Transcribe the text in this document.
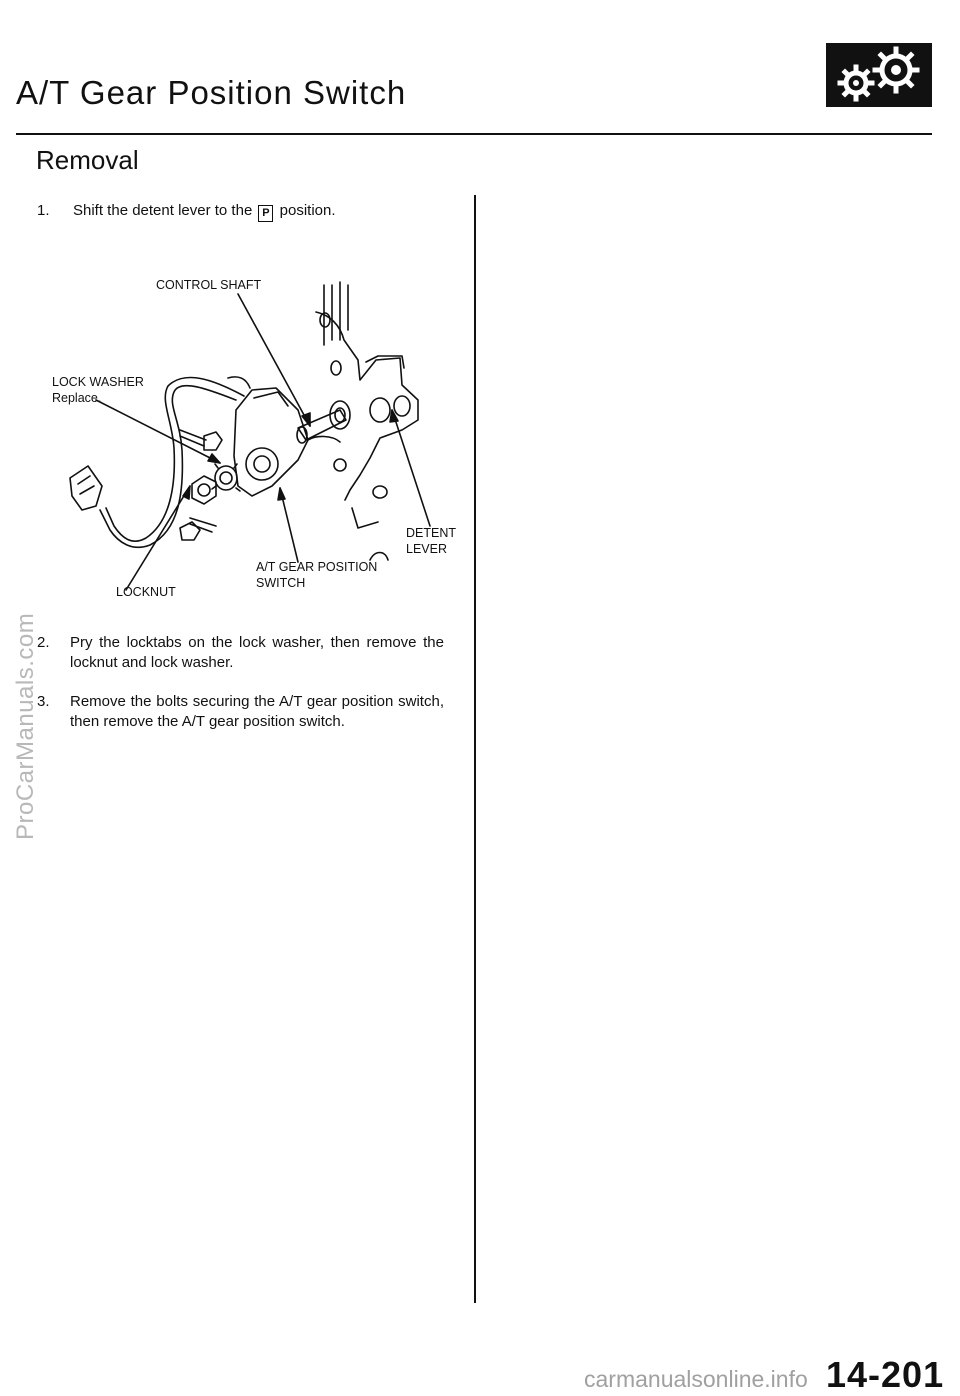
A/T Gear Position Switch
Removal
1. Shift the detent lever to the P position.
CONTROL SHAFT
LOCK WASHER
Replace.
DETENT
LEVER
A/T GEAR POSITION
SWITCH
LOCKNUT
2. Pry the locktabs on the lock washer, then remove the locknut and lock washer.
3. Remove the bolts securing the A/T gear position switch, then remove the A/T gear position switch.
ProCarManuals.com
carmanualsonline.info 14-201
